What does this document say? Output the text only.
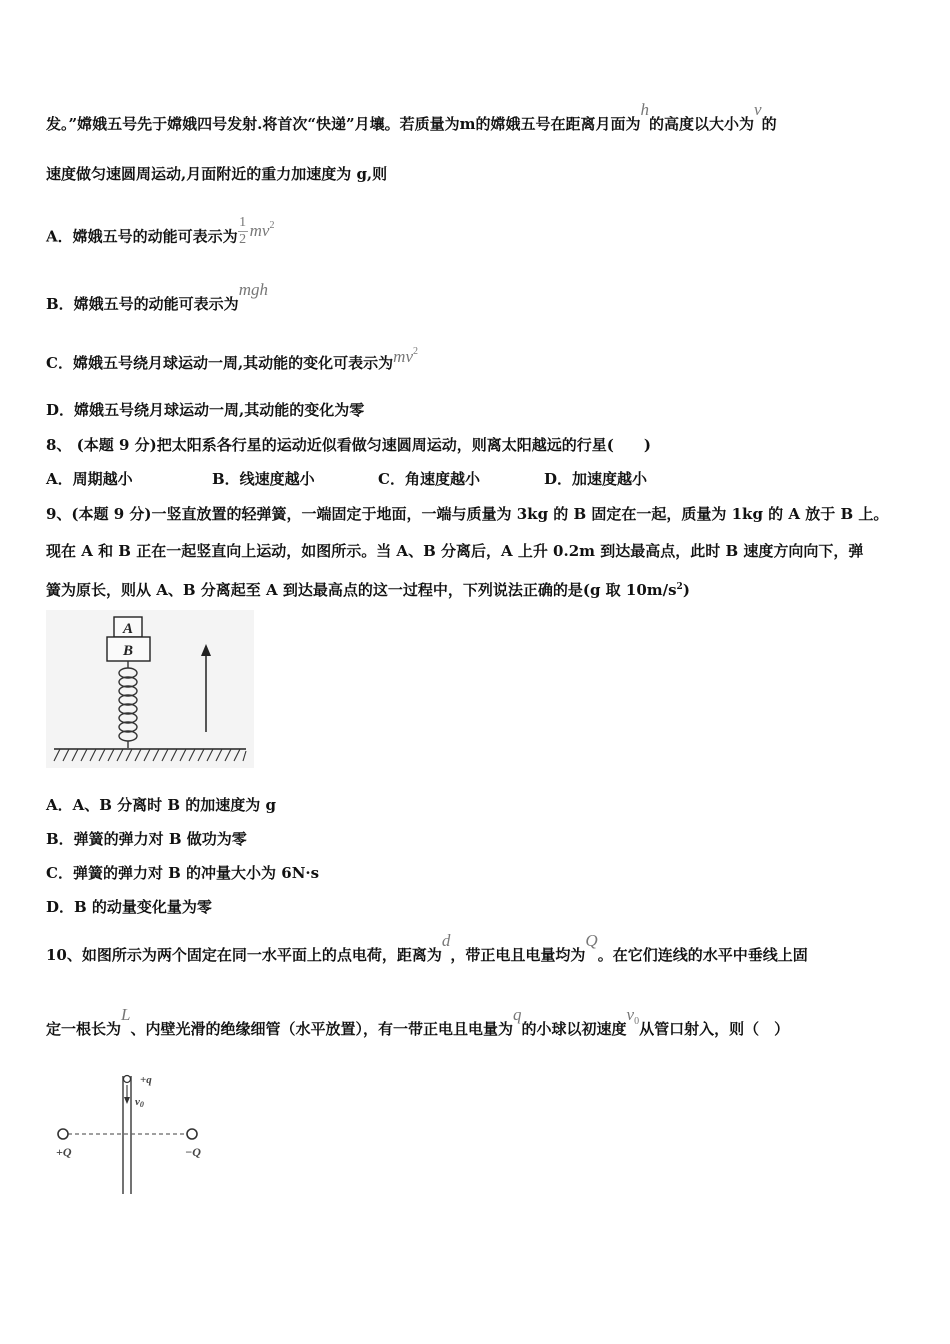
发。”嫦娥五号先于嫦娥四号发射.将首次“快递”月壤。若质量为m的嫦娥五号在距离月面为h的高度以大小为v的
速度做匀速圆周运动,月面附近的重力加速度为 g,则
A．嫦娥五号的动能可表示为$\frac{1}{2} mv^2$
B．嫦娥五号的动能可表示为mgh
C．嫦娥五号绕月球运动一周,其动能的变化可表示为$mv^2$
D．嫦娥五号绕月球运动一周,其动能的变化为零
8、 (本题 9 分)把太阳系各行星的运动近似看做匀速圆周运动，则离太阳越远的行星(　　)
A．周期越小	B．线速度越小	C．角速度越小	D．加速度越小
9、(本题 9 分)一竖直放置的轻弹簧，一端固定于地面，一端与质量为 3kg 的 B 固定在一起，质量为 1kg 的 A 放于 B 上。
现在 A 和 B 正在一起竖直向上运动，如图所示。当 A、B 分离后，A 上升 0.2m 到达最高点，此时 B 速度方向向下，弹
簧为原长，则从 A、B 分离起至 A 到达最高点的这一过程中，下列说法正确的是(g 取 $10m/s^2$)
A
B
A．A、B 分离时 B 的加速度为 g
B．弹簧的弹力对 B 做功为零
C．弹簧的弹力对 B 的冲量大小为 6N·s
D．B 的动量变化量为零
10、如图所示为两个固定在同一水平面上的点电荷，距离为d，带正电且电量均为Q。在它们连线的水平中垂线上固
定一根长为L、内壁光滑的绝缘细管（水平放置），有一带正电且电量为q的小球以初速度$v_0$从管口射入，则（　）
+q
v0
+Q	−Q
